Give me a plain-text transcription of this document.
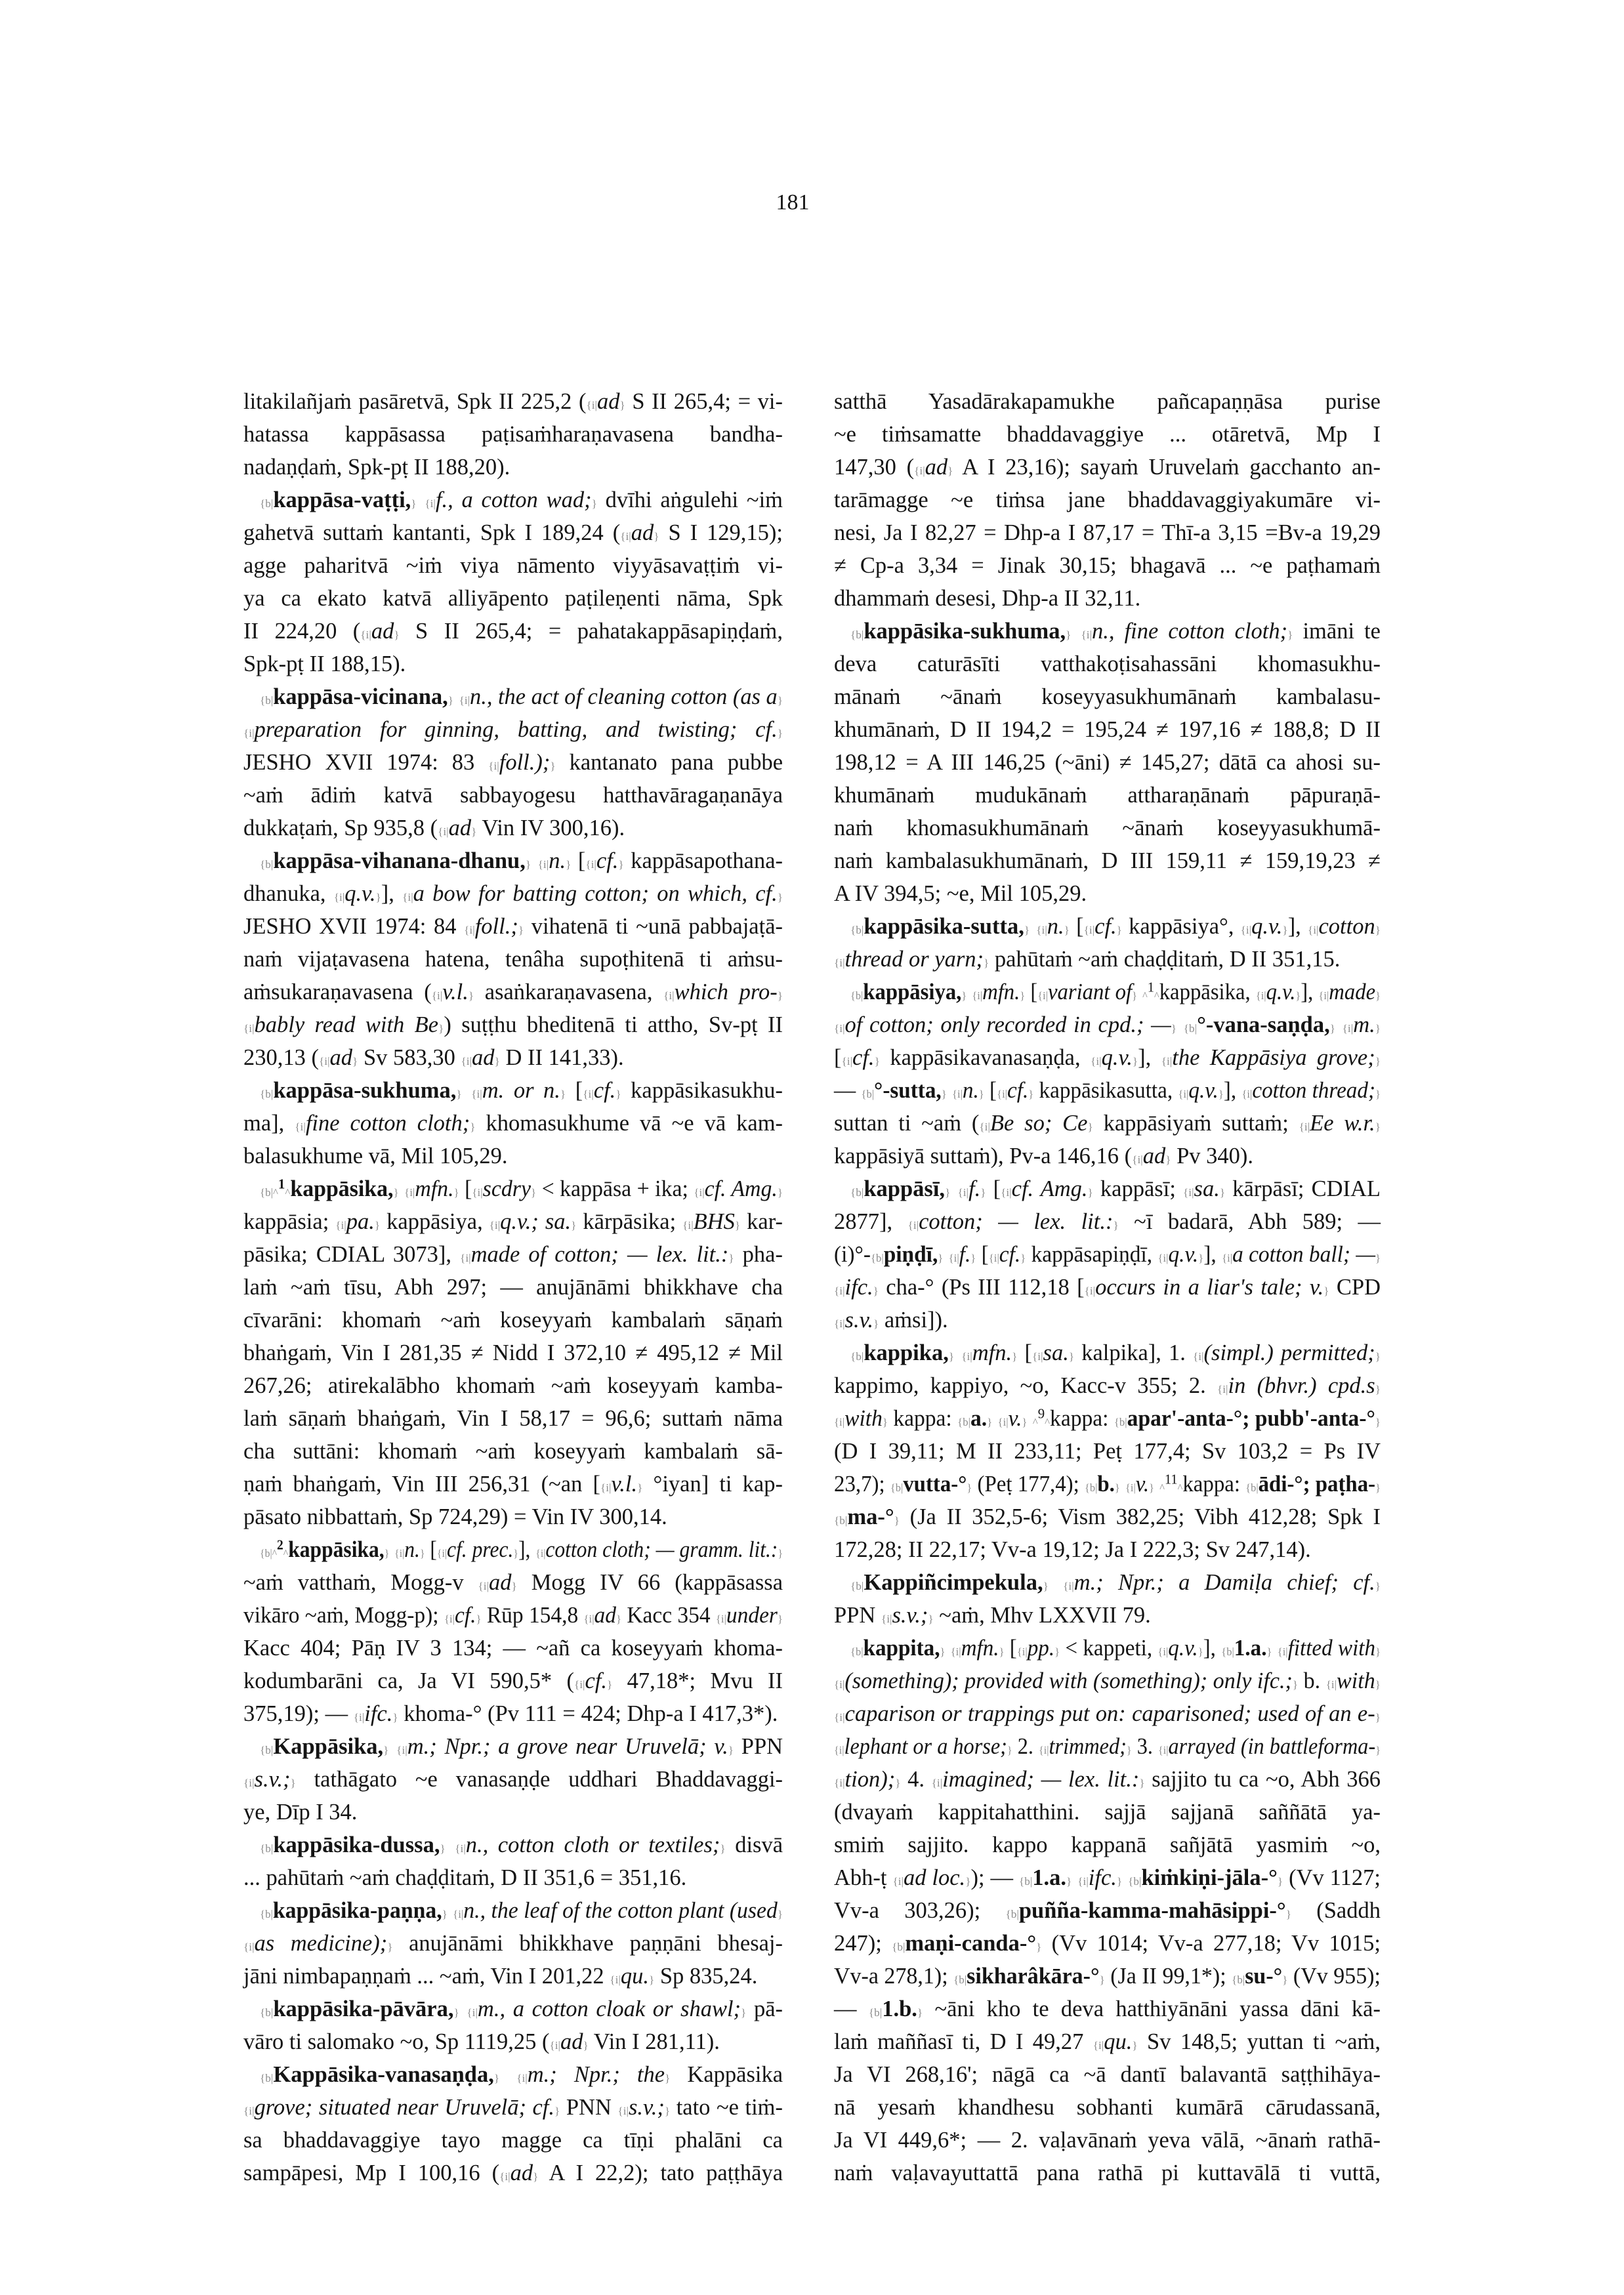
181
litakilañjaṁ pasāretvā, Spk II 225,2 ({i|ad} S II 265,4; = vi-
hatassa kappāsassa paṭisaṁharaṇavasena bandha-
nadaṇḍaṁ, Spk-pṭ II 188,20).
{b|kappāsa-vaṭṭi,} {i|f., a cotton wad;} dvīhi aṅgulehi ~iṁ
gahetvā suttaṁ kantanti, Spk I 189,24 ({i|ad} S I 129,15);
agge paharitvā ~iṁ viya nāmento viyyāsavaṭṭiṁ vi-
ya ca ekato katvā alliyāpento paṭileṇenti nāma, Spk
II 224,20 ({i|ad} S II 265,4; = pahatakappāsapiṇḍaṁ,
Spk-pṭ II 188,15).
{b|kappāsa-vicinana,} {i|n., the act of cleaning cotton (as a}
{i|preparation for ginning, batting, and twisting; cf.}
JESHO XVII 1974: 83 {i|foll.);} kantanato pana pubbe
~aṁ ādiṁ katvā sabbayogesu hatthavāragaṇanāya
dukkaṭaṁ, Sp 935,8 ({i|ad} Vin IV 300,16).
{b|kappāsa-vihanana-dhanu,} {i|n.} [{i|cf.} kappāsapothana-
dhanuka, {i|q.v.}], {i|a bow for batting cotton; on which, cf.}
JESHO XVII 1974: 84 {i|foll.;} vihatenā ti ~unā pabbajaṭā-
naṁ vijaṭavasena hatena, tenâha supoṭhitenā ti aṁsu-
aṁsukaraṇavasena ({i|v.l.} asaṅkaraṇavasena, {i|which pro-}
{i|bably read with Be}) suṭṭhu bheditenā ti attho, Sv-pṭ II
230,13 ({i|ad} Sv 583,30 {i|ad} D II 141,33).
{b|kappāsa-sukhuma,} {i|m. or n.} [{i|cf.} kappāsikasukhu-
ma], {i|fine cotton cloth;} khomasukhume vā ~e vā kam-
balasukhume vā, Mil 105,29.
{b|^$^1$^kappāsika,} {i|mfn.} [{i|scdry} < kappāsa + ika; {i|cf. Amg.}
kappāsia; {i|pa.} kappāsiya, {i|q.v.; sa.} kārpāsika; {i|BHS} kar-
pāsika; CDIAL 3073], {i|made of cotton; — lex. lit.:} pha-
laṁ ~aṁ tīsu, Abh 297; — anujānāmi bhikkhave cha
cīvarāni: khomaṁ ~aṁ koseyyaṁ kambalaṁ sāṇaṁ
bhaṅgaṁ, Vin I 281,35 ≠ Nidd I 372,10 ≠ 495,12 ≠ Mil
267,26; atirekalābho khomaṁ ~aṁ koseyyaṁ kamba-
laṁ sāṇaṁ bhaṅgaṁ, Vin I 58,17 = 96,6; suttaṁ nāma
cha suttāni: khomaṁ ~aṁ koseyyaṁ kambalaṁ sā-
ṇaṁ bhaṅgaṁ, Vin III 256,31 (~an [{i|v.l.} °iyan] ti kap-
pāsato nibbattaṁ, Sp 724,29) = Vin IV 300,14.
{b|^$^2$^kappāsika,} {i|n.} [{i|cf. prec.}], {i|cotton cloth; — gramm. lit.:}
~aṁ vatthaṁ, Mogg-v {i|ad} Mogg IV 66 (kappāsassa
vikāro ~aṁ, Mogg-p); {i|cf.} Rūp 154,8 {i|ad} Kacc 354 {i|under}
Kacc 404; Pāṇ IV 3 134; — ~añ ca koseyyaṁ khoma-
kodumbarāni ca, Ja VI 590,5* ({i|cf.} 47,18*; Mvu II
375,19); — {i|ifc.} khoma-° (Pv 111 = 424; Dhp-a I 417,3*).
{b|Kappāsika,} {i|m.; Npr.; a grove near Uruvelā; v.} PPN
{i|s.v.;} tathāgato ~e vanasaṇḍe uddhari Bhaddavaggi-
ye, Dīp I 34.
{b|kappāsika-dussa,} {i|n., cotton cloth or textiles;} disvā
... pahūtaṁ ~aṁ chaḍḍitaṁ, D II 351,6 = 351,16.
{b|kappāsika-paṇṇa,} {i|n., the leaf of the cotton plant (used}
{i|as medicine);} anujānāmi bhikkhave paṇṇāni bhesaj-
jāni nimbapaṇṇaṁ ... ~aṁ, Vin I 201,22 {i|qu.} Sp 835,24.
{b|kappāsika-pāvāra,} {i|m., a cotton cloak or shawl;} pā-
vāro ti salomako ~o, Sp 1119,25 ({i|ad} Vin I 281,11).
{b|Kappāsika-vanasaṇḍa,} {i|m.; Npr.; the} Kappāsika
{i|grove; situated near Uruvelā; cf.} PNN {i|s.v.;} tato ~e tiṁ-
sa bhaddavaggiye tayo magge ca tīṇi phalāni ca
sampāpesi, Mp I 100,16 ({i|ad} A I 22,2); tato paṭṭhāya
satthā Yasadārakapamukhe pañcapaṇṇāsa purise
~e tiṁsamatte bhaddavaggiye ... otāretvā, Mp I
147,30 ({i|ad} A I 23,16); sayaṁ Uruvelaṁ gacchanto an-
tarāmagge ~e tiṁsa jane bhaddavaggiyakumāre vi-
nesi, Ja I 82,27 = Dhp-a I 87,17 = Thī-a 3,15 =Bv-a 19,29
≠ Cp-a 3,34 = Jinak 30,15; bhagavā ... ~e paṭhamaṁ
dhammaṁ desesi, Dhp-a II 32,11.
{b|kappāsika-sukhuma,} {i|n., fine cotton cloth;} imāni te
deva caturāsīti vatthakoṭisahassāni khomasukhu-
mānaṁ ~ānaṁ koseyyasukhumānaṁ kambalasu-
khumānaṁ, D II 194,2 = 195,24 ≠ 197,16 ≠ 188,8; D II
198,12 = A III 146,25 (~āni) ≠ 145,27; dātā ca ahosi su-
khumānaṁ mudukānaṁ attharaṇānaṁ pāpuraṇā-
naṁ khomasukhumānaṁ ~ānaṁ koseyyasukhumā-
naṁ kambalasukhumānaṁ, D III 159,11 ≠ 159,19,23 ≠
A IV 394,5; ~e, Mil 105,29.
{b|kappāsika-sutta,} {i|n.} [{i|cf.} kappāsiya°, {i|q.v.}], {i|cotton}
{i|thread or yarn;} pahūtaṁ ~aṁ chaḍḍitaṁ, D II 351,15.
{b|kappāsiya,} {i|mfn.} [{i|variant of} ^$^1$^kappāsika, {i|q.v.}], {i|made}
{i|of cotton; only recorded in cpd.; —} {b|°-vana-saṇḍa,} {i|m.}
[{i|cf.} kappāsikavanasaṇḍa, {i|q.v.}], {i|the Kappāsiya grove;}
— {b|°-sutta,} {i|n.} [{i|cf.} kappāsikasutta, {i|q.v.}], {i|cotton thread;}
suttan ti ~aṁ ({i|Be so; Ce} kappāsiyaṁ suttaṁ; {i|Ee w.r.}
kappāsiyā suttaṁ), Pv-a 146,16 ({i|ad} Pv 340).
{b|kappāsī,} {i|f.} [{i|cf. Amg.} kappāsī; {i|sa.} kārpāsī; CDIAL
2877], {i|cotton; — lex. lit.:} ~ī badarā, Abh 589; —
(i)°-{b|piṇḍī,} {i|f.} [{i|cf.} kappāsapiṇḍī, {i|q.v.}], {i|a cotton ball; —}
{i|ifc.} cha-° (Ps III 112,18 [{i|occurs in a liar's tale; v.} CPD
{i|s.v.} aṁsi]).
{b|kappika,} {i|mfn.} [{i|sa.} kalpika], 1. {i|(simpl.) permitted;}
kappimo, kappiyo, ~o, Kacc-v 355; 2. {i|in (bhvr.) cpd.s}
{i|with} kappa: {b|a.} {i|v.} ^$^9$^kappa: {b|apar'-anta-°; pubb'-anta-°}
(D I 39,11; M II 233,11; Peṭ 177,4; Sv 103,2 = Ps IV
23,7); {b|vutta-°} (Peṭ 177,4); {b|b.} {i|v.} ^$^{11}$^kappa: {b|ādi-°; paṭha-}
{b|ma-°} (Ja II 352,5-6; Vism 382,25; Vibh 412,28; Spk I
172,28; II 22,17; Vv-a 19,12; Ja I 222,3; Sv 247,14).
{b|Kappiñcimpekula,} {i|m.; Npr.; a Damiḷa chief; cf.}
PPN {i|s.v.;} ~aṁ, Mhv LXXVII 79.
{b|kappita,} {i|mfn.} [{i|pp.} < kappeti, {i|q.v.}], {b|1.a.} {i|fitted with}
{i|(something); provided with (something); only ifc.;} b. {i|with}
{i|caparison or trappings put on: caparisoned; used of an e-}
{i|lephant or a horse;} 2. {i|trimmed;} 3. {i|arrayed (in battleforma-}
{i|tion);} 4. {i|imagined; — lex. lit.:} sajjito tu ca ~o, Abh 366
(dvayaṁ kappitahatthini. sajjā sajjanā saññātā ya-
smiṁ sajjito. kappo kappanā sañjātā yasmiṁ ~o,
Abh-ṭ {i|ad loc.}); — {b|1.a.} {i|ifc.} {b|kiṁkiṇi-jāla-°} (Vv 1127;
Vv-a 303,26); {b|puñña-kamma-mahāsippi-°} (Saddh
247); {b|maṇi-canda-°} (Vv 1014; Vv-a 277,18; Vv 1015;
Vv-a 278,1); {b|sikharâkāra-°} (Ja II 99,1*); {b|su-°} (Vv 955);
— {b|1.b.} ~āni kho te deva hatthiyānāni yassa dāni kā-
laṁ maññasī ti, D I 49,27 {i|qu.} Sv 148,5; yuttan ti ~aṁ,
Ja VI 268,16'; nāgā ca ~ā dantī balavantā saṭṭhihāya-
nā yesaṁ khandhesu sobhanti kumārā cārudassanā,
Ja VI 449,6*; — 2. vaḷavānaṁ yeva vālā, ~ānaṁ rathā-
naṁ vaḷavayuttattā pana rathā pi kuttavālā ti vuttā,
